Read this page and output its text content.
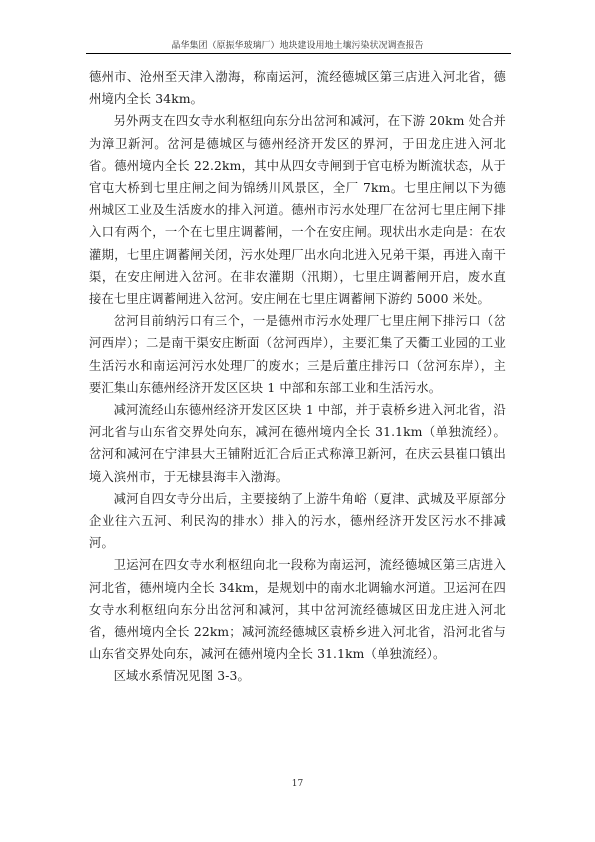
晶华集团（原振华玻璃厂）地块建设用地土壤污染状况调查报告

德州市、沧州至天津入渤海，称南运河，流经德城区第三店进入河北省，德州境内全长 34km。

另外两支在四女寺水利枢纽向东分出岔河和减河，在下游 20km 处合并为漳卫新河。岔河是德城区与德州经济开发区的界河，于田龙庄进入河北省。德州境内全长 22.2km，其中从四女寺闸到于官屯桥为断流状态，从于官屯大桥到七里庄闸之间为锦绣川风景区，全厂 7km。七里庄闸以下为德州城区工业及生活废水的排入河道。德州市污水处理厂在岔河七里庄闸下排入口有两个，一个在七里庄调蓄闸，一个在安庄闸。现状出水走向是：在农灌期，七里庄调蓄闸关闭，污水处理厂出水向北进入兄弟干渠，再进入南干渠，在安庄闸进入岔河。在非农灌期（汛期），七里庄调蓄闸开启，废水直接在七里庄调蓄闸进入岔河。安庄闸在七里庄调蓄闸下游约 5000 米处。

岔河目前纳污口有三个，一是德州市污水处理厂七里庄闸下排污口（岔河西岸）；二是南干渠安庄断面（岔河西岸），主要汇集了天衢工业园的工业生活污水和南运河污水处理厂的废水；三是后董庄排污口（岔河东岸），主要汇集山东德州经济开发区区块 1 中部和东部工业和生活污水。

减河流经山东德州经济开发区区块 1 中部，并于袁桥乡进入河北省，沿河北省与山东省交界处向东，减河在德州境内全长 31.1km（单独流经）。岔河和减河在宁津县大王铺附近汇合后正式称漳卫新河，在庆云县崔口镇出境入滨州市，于无棣县海丰入渤海。

减河自四女寺分出后，主要接纳了上游牛角峪（夏津、武城及平原部分企业往六五河、利民沟的排水）排入的污水，德州经济开发区污水不排减河。

卫运河在四女寺水利枢纽向北一段称为南运河，流经德城区第三店进入河北省，德州境内全长 34km，是规划中的南水北调输水河道。卫运河在四女寺水利枢纽向东分出岔河和减河，其中岔河流经德城区田龙庄进入河北省，德州境内全长 22km；减河流经德城区袁桥乡进入河北省，沿河北省与山东省交界处向东，减河在德州境内全长 31.1km（单独流经）。

区域水系情况见图 3-3。

17
